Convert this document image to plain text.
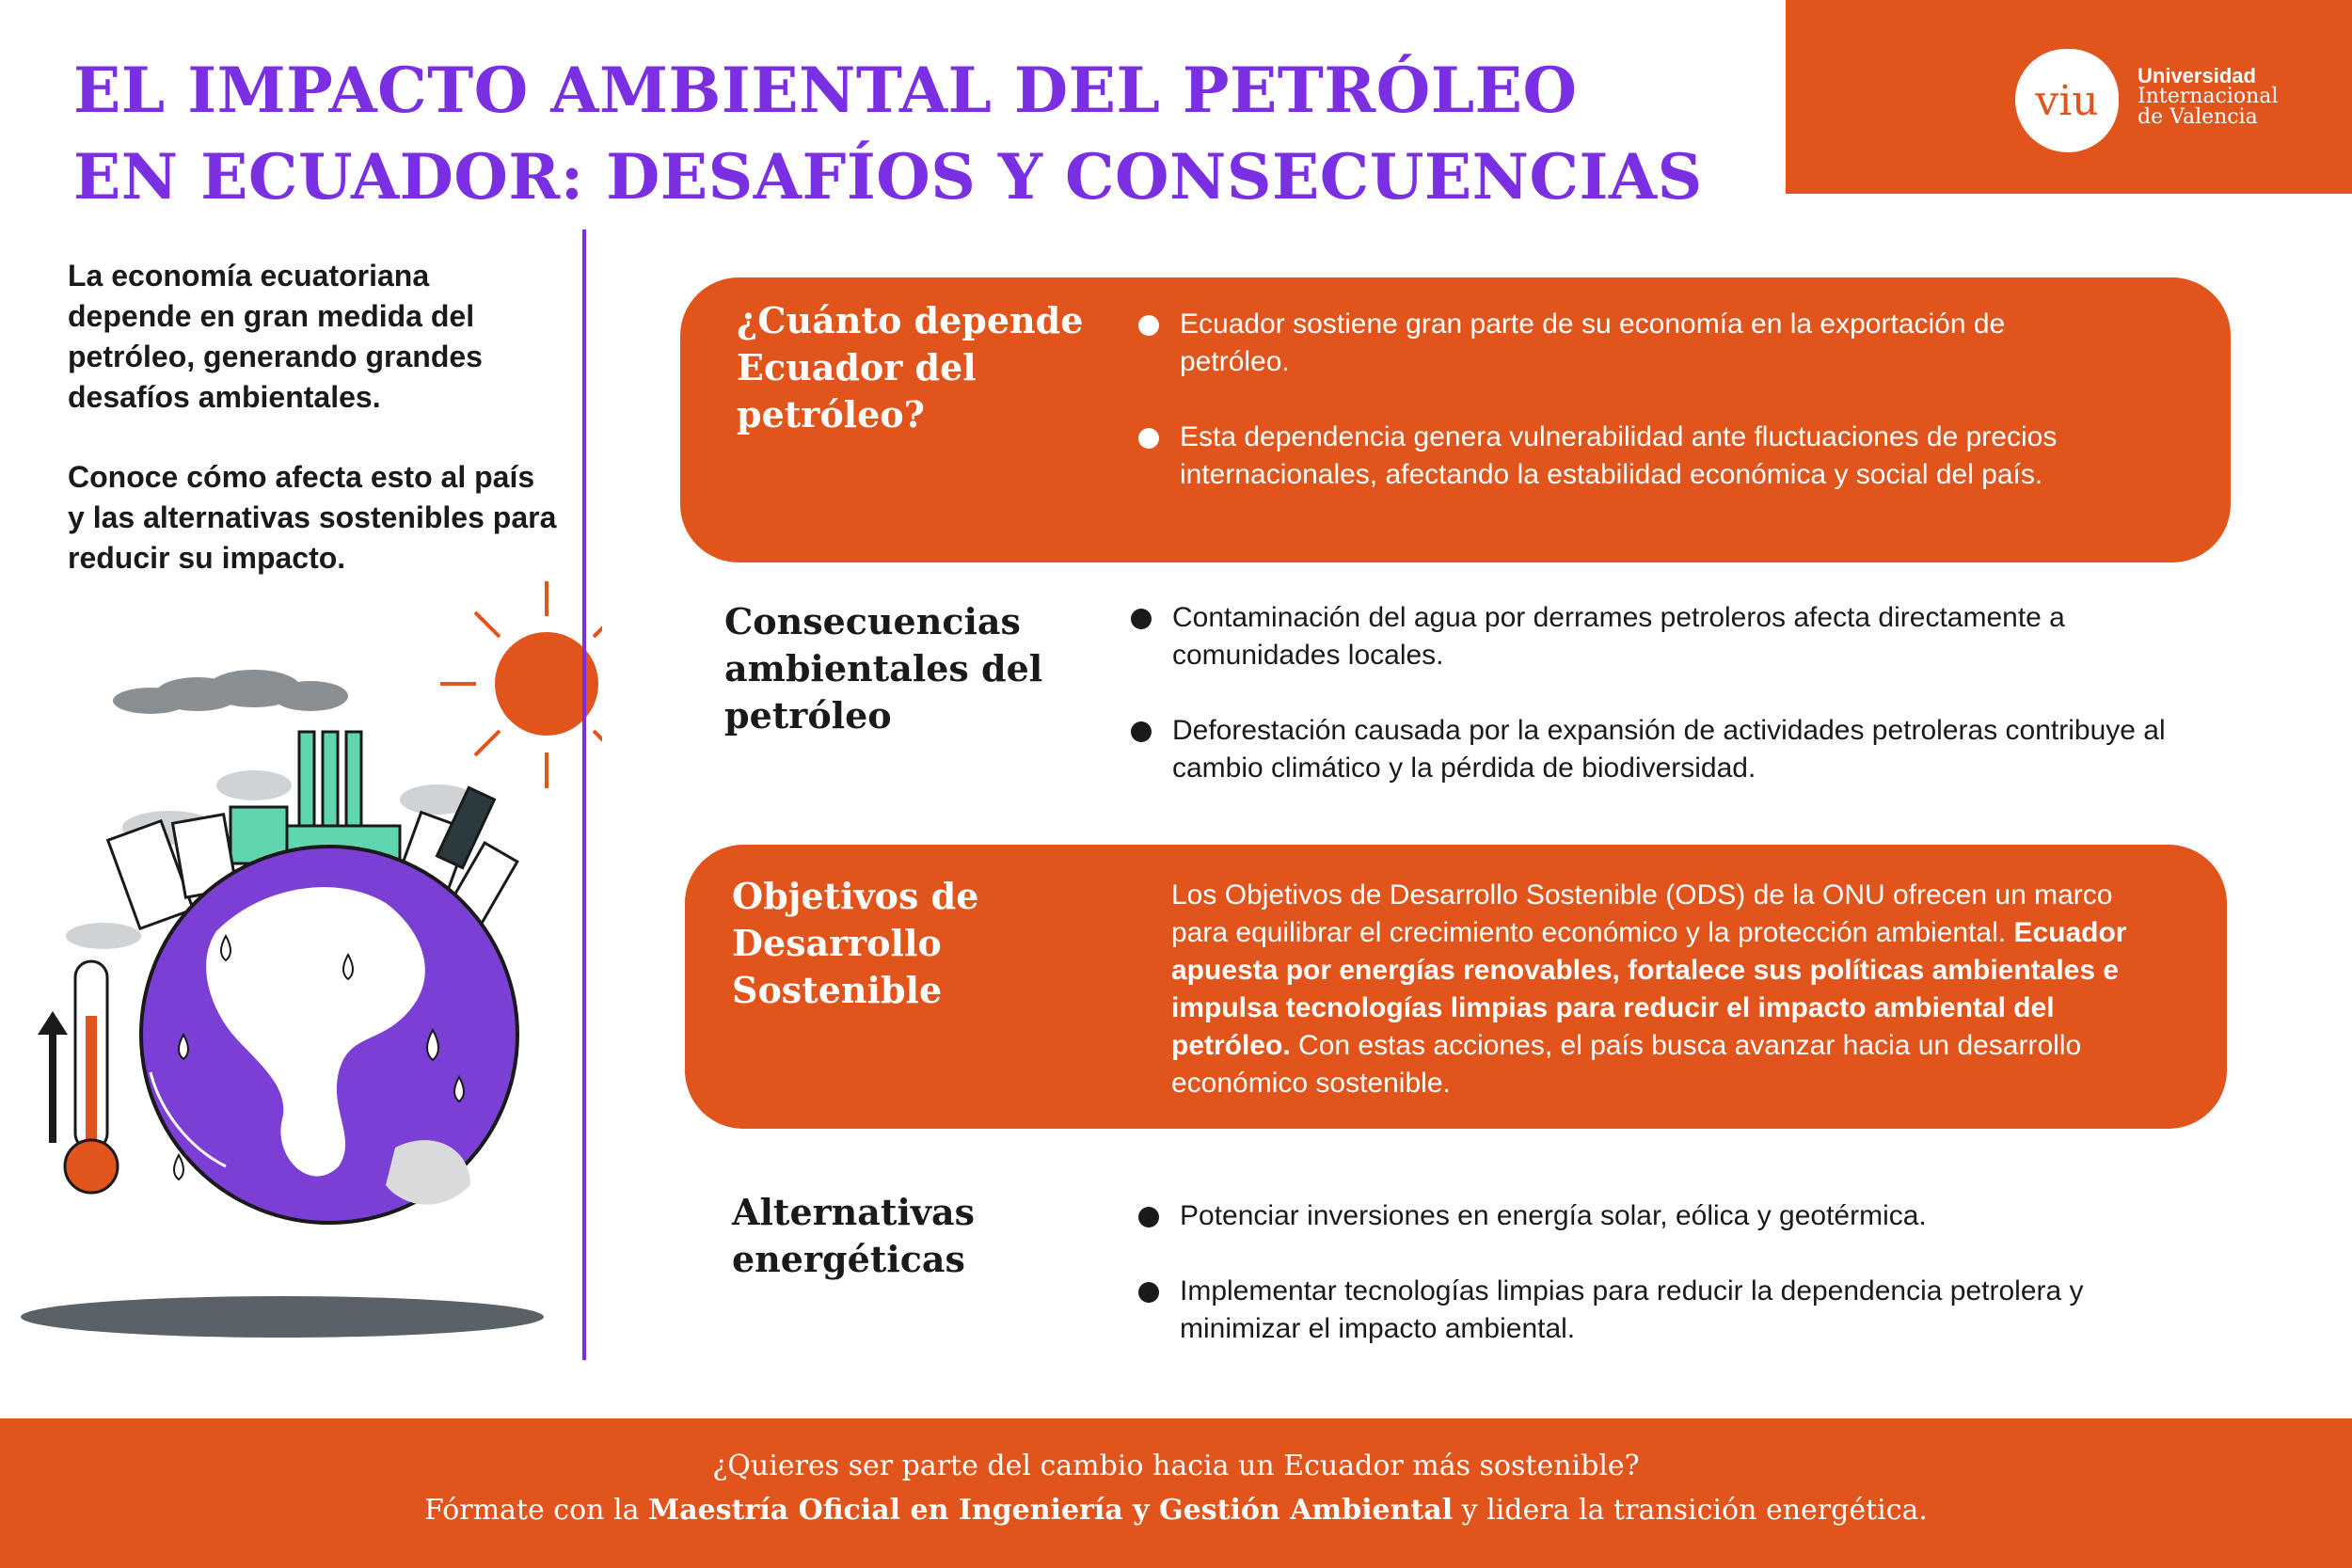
EL IMPACTO AMBIENTAL DEL PETRÓLEO
EN ECUADOR: DESAFÍOS Y CONSECUENCIAS
viu
Universidad
Internacional
de Valencia

La economía ecuatoriana depende en gran medida del petróleo, generando grandes desafíos ambientales.

Conoce cómo afecta esto al país y las alternativas sostenibles para reducir su impacto.

¿Cuánto depende Ecuador del petróleo?
Ecuador sostiene gran parte de su economía en la exportación de petróleo.
Esta dependencia genera vulnerabilidad ante fluctuaciones de precios internacionales, afectando la estabilidad económica y social del país.
Consecuencias ambientales del petróleo
Contaminación del agua por derrames petroleros afecta directamente a comunidades locales.
Deforestación causada por la expansión de actividades petroleras contribuye al cambio climático y la pérdida de biodiversidad.
Objetivos de Desarrollo Sostenible
Los Objetivos de Desarrollo Sostenible (ODS) de la ONU ofrecen un marco para equilibrar el crecimiento económico y la protección ambiental. Ecuador apuesta por energías renovables, fortalece sus políticas ambientales e impulsa tecnologías limpias para reducir el impacto ambiental del petróleo. Con estas acciones, el país busca avanzar hacia un desarrollo económico sostenible.
Alternativas energéticas
Potenciar inversiones en energía solar, eólica y geotérmica.
Implementar tecnologías limpias para reducir la dependencia petrolera y minimizar el impacto ambiental.
¿Quieres ser parte del cambio hacia un Ecuador más sostenible?
Fórmate con la Maestría Oficial en Ingeniería y Gestión Ambiental y lidera la transición energética.
